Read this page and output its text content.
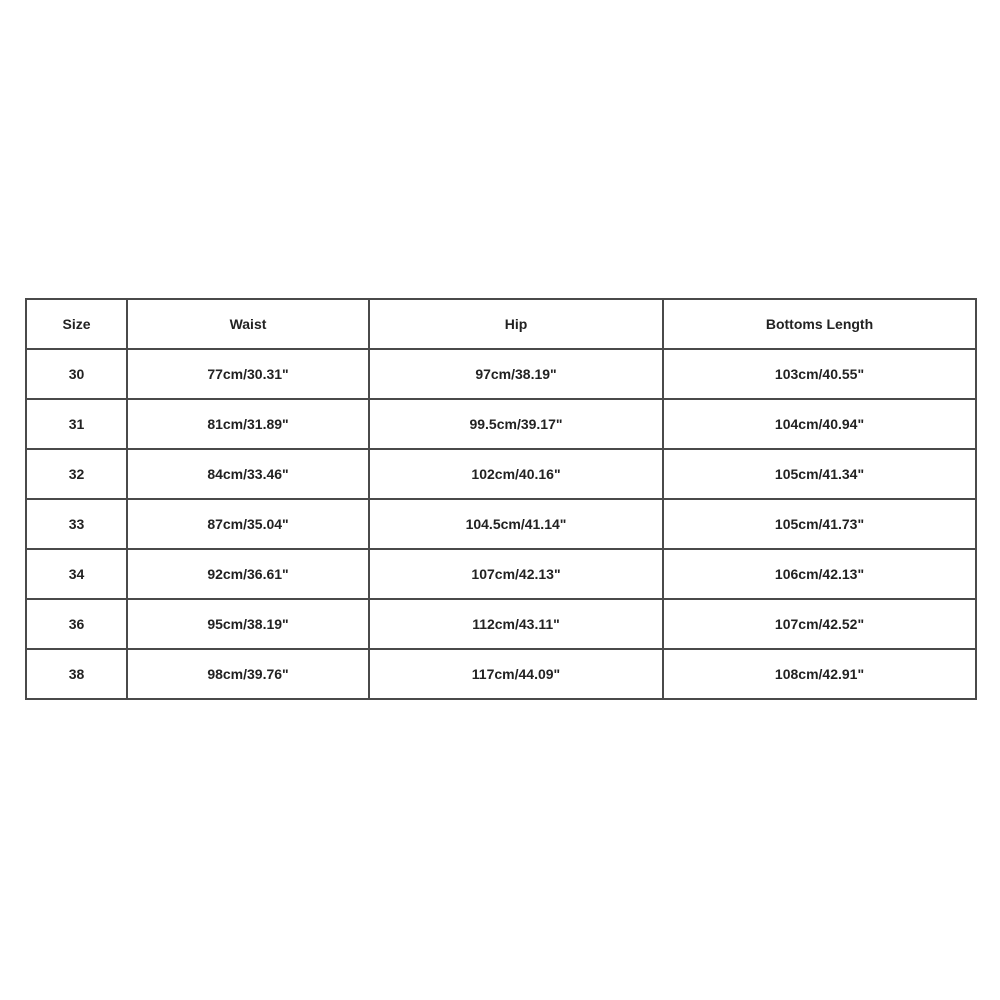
Size	Waist	Hip	Bottoms Length
30	77cm/30.31"	97cm/38.19"	103cm/40.55"
31	81cm/31.89"	99.5cm/39.17"	104cm/40.94"
32	84cm/33.46"	102cm/40.16"	105cm/41.34"
33	87cm/35.04"	104.5cm/41.14"	105cm/41.73"
34	92cm/36.61"	107cm/42.13"	106cm/42.13"
36	95cm/38.19"	112cm/43.11"	107cm/42.52"
38	98cm/39.76"	117cm/44.09"	108cm/42.91"
